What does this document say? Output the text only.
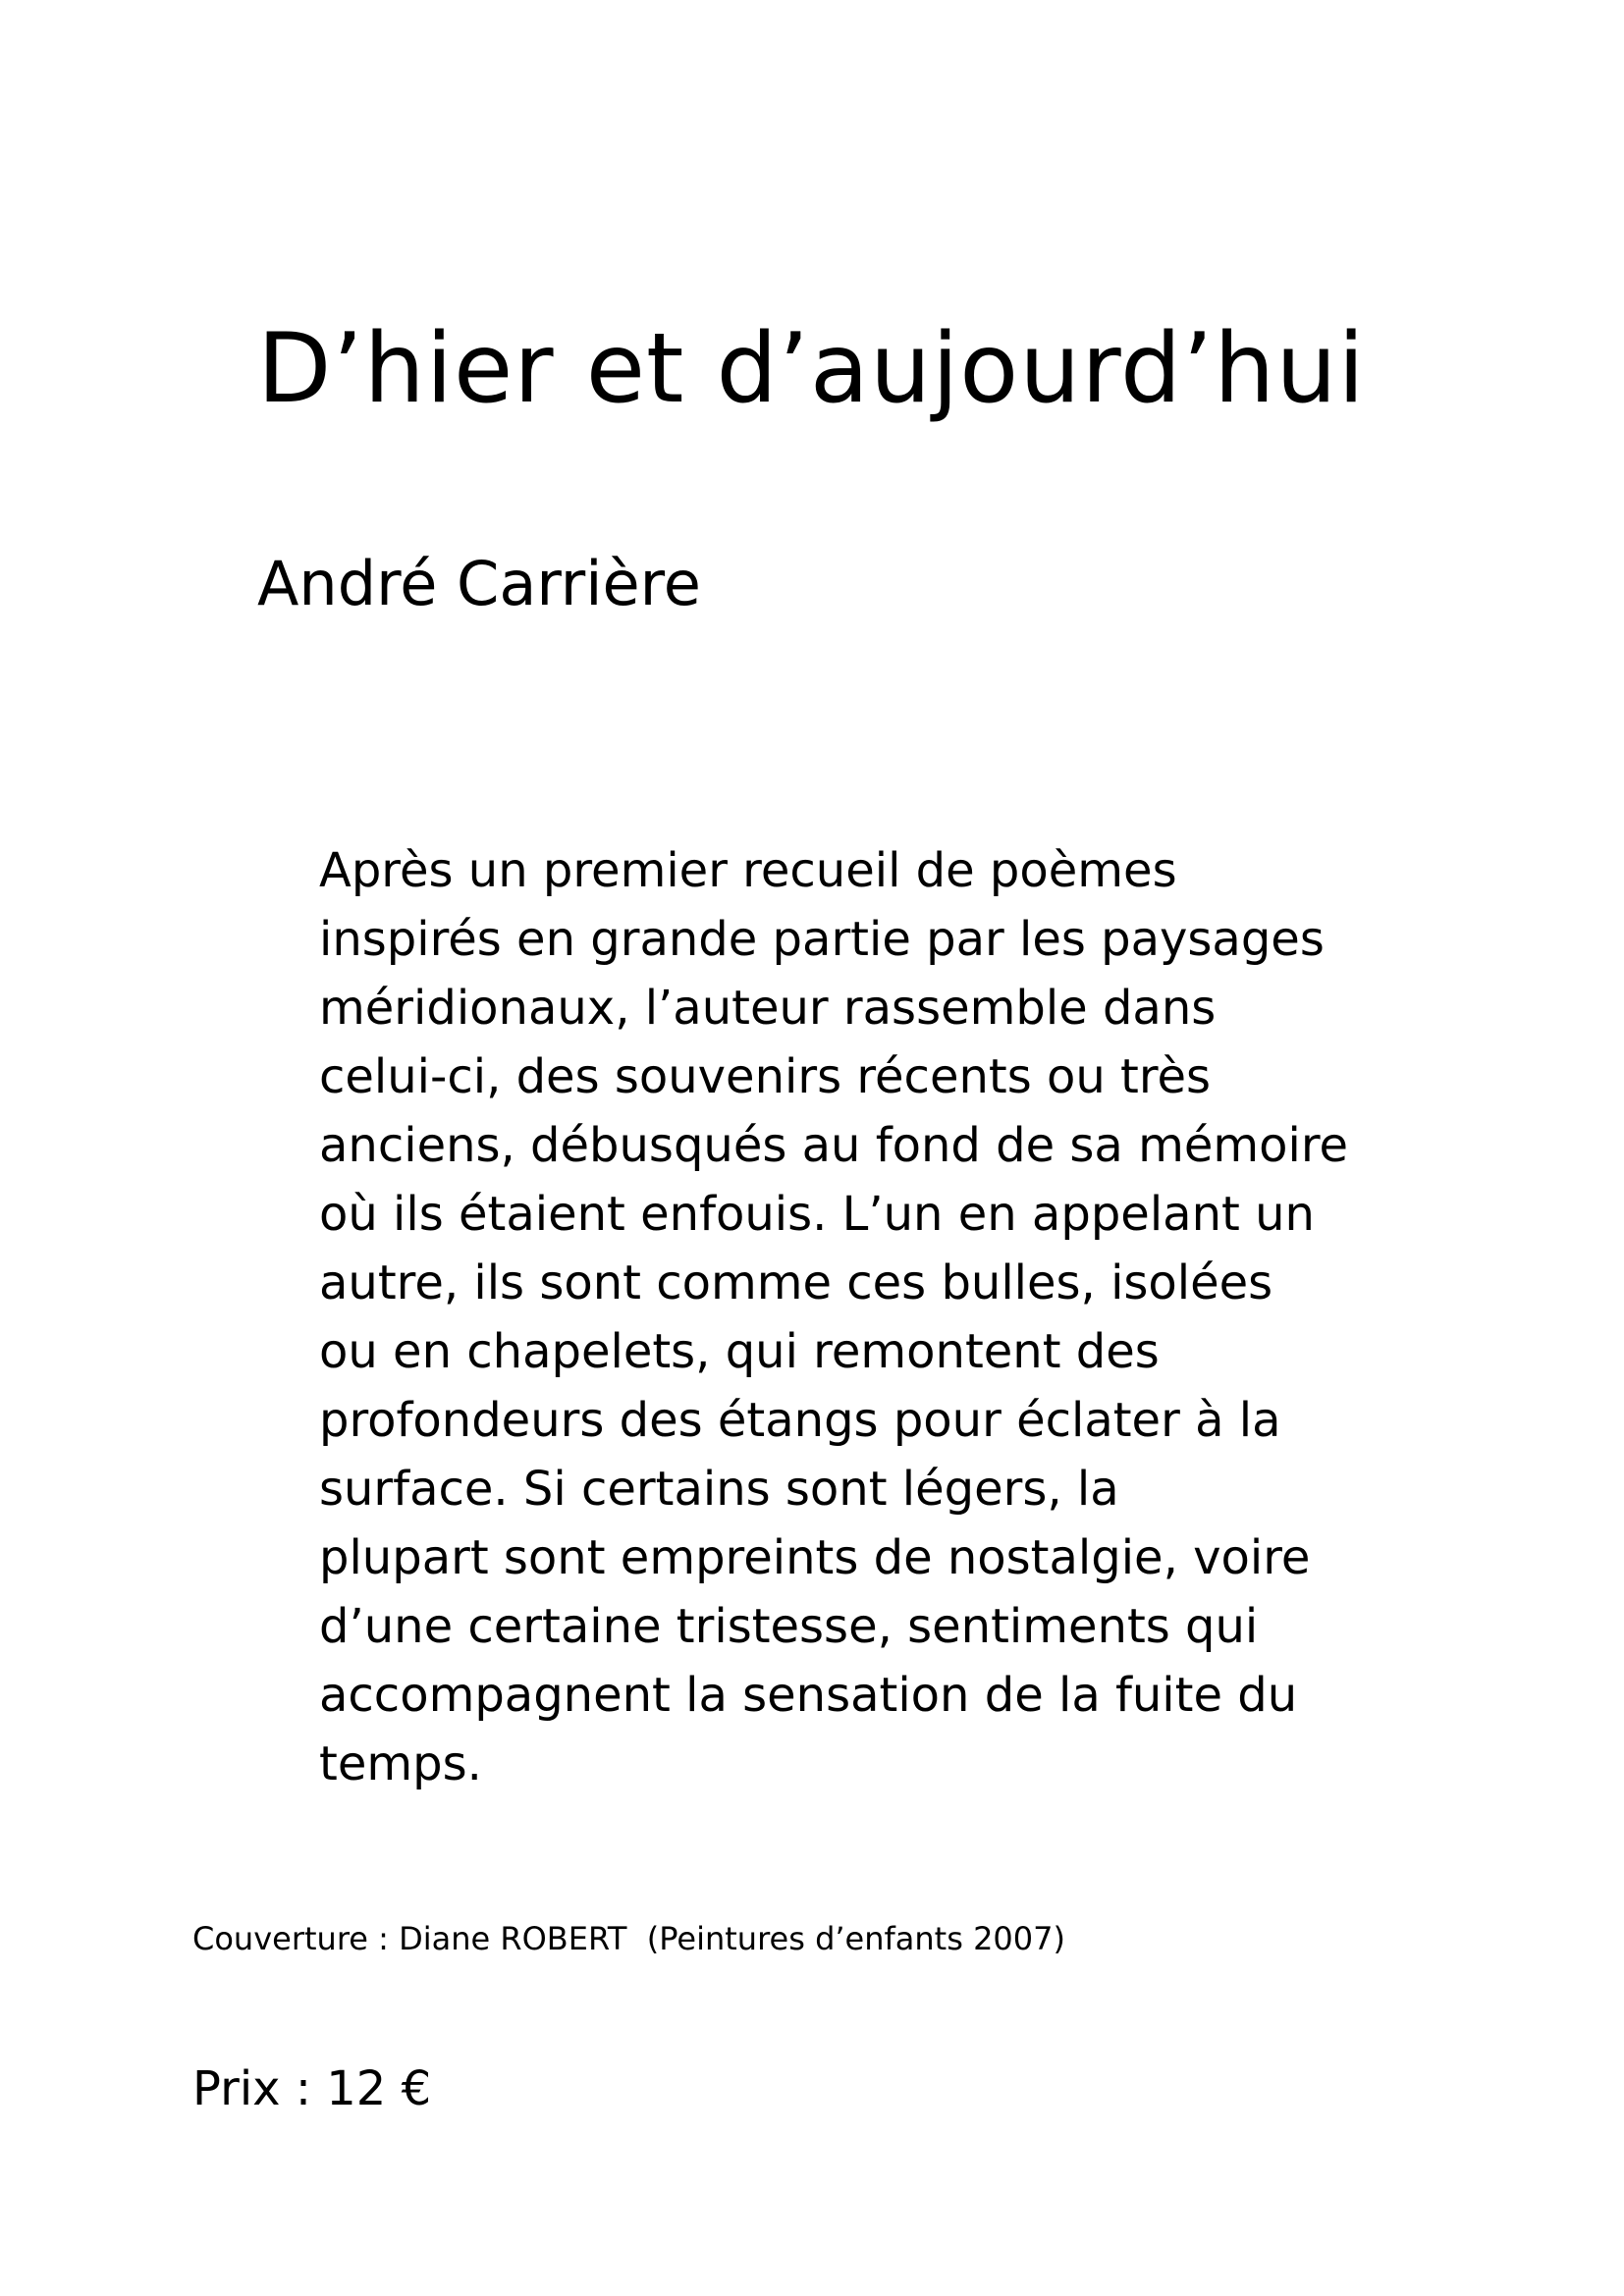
D’hier et d’aujourd’hui
André Carrière
Après un premier recueil de poèmes
inspirés en grande partie par les paysages
méridionaux, l’auteur rassemble dans
celui-ci, des souvenirs récents ou très
anciens, débusqués au fond de sa mémoire
où ils étaient enfouis. L’un en appelant un
autre, ils sont comme ces bulles, isolées
ou en chapelets, qui remontent des
profondeurs des étangs pour éclater à la
surface. Si certains sont légers, la
plupart sont empreints de nostalgie, voire
d’une certaine tristesse, sentiments qui
accompagnent la sensation de la fuite du
temps.

Couverture : Diane ROBERT  (Peintures d’enfants 2007)

Prix : 12 €
